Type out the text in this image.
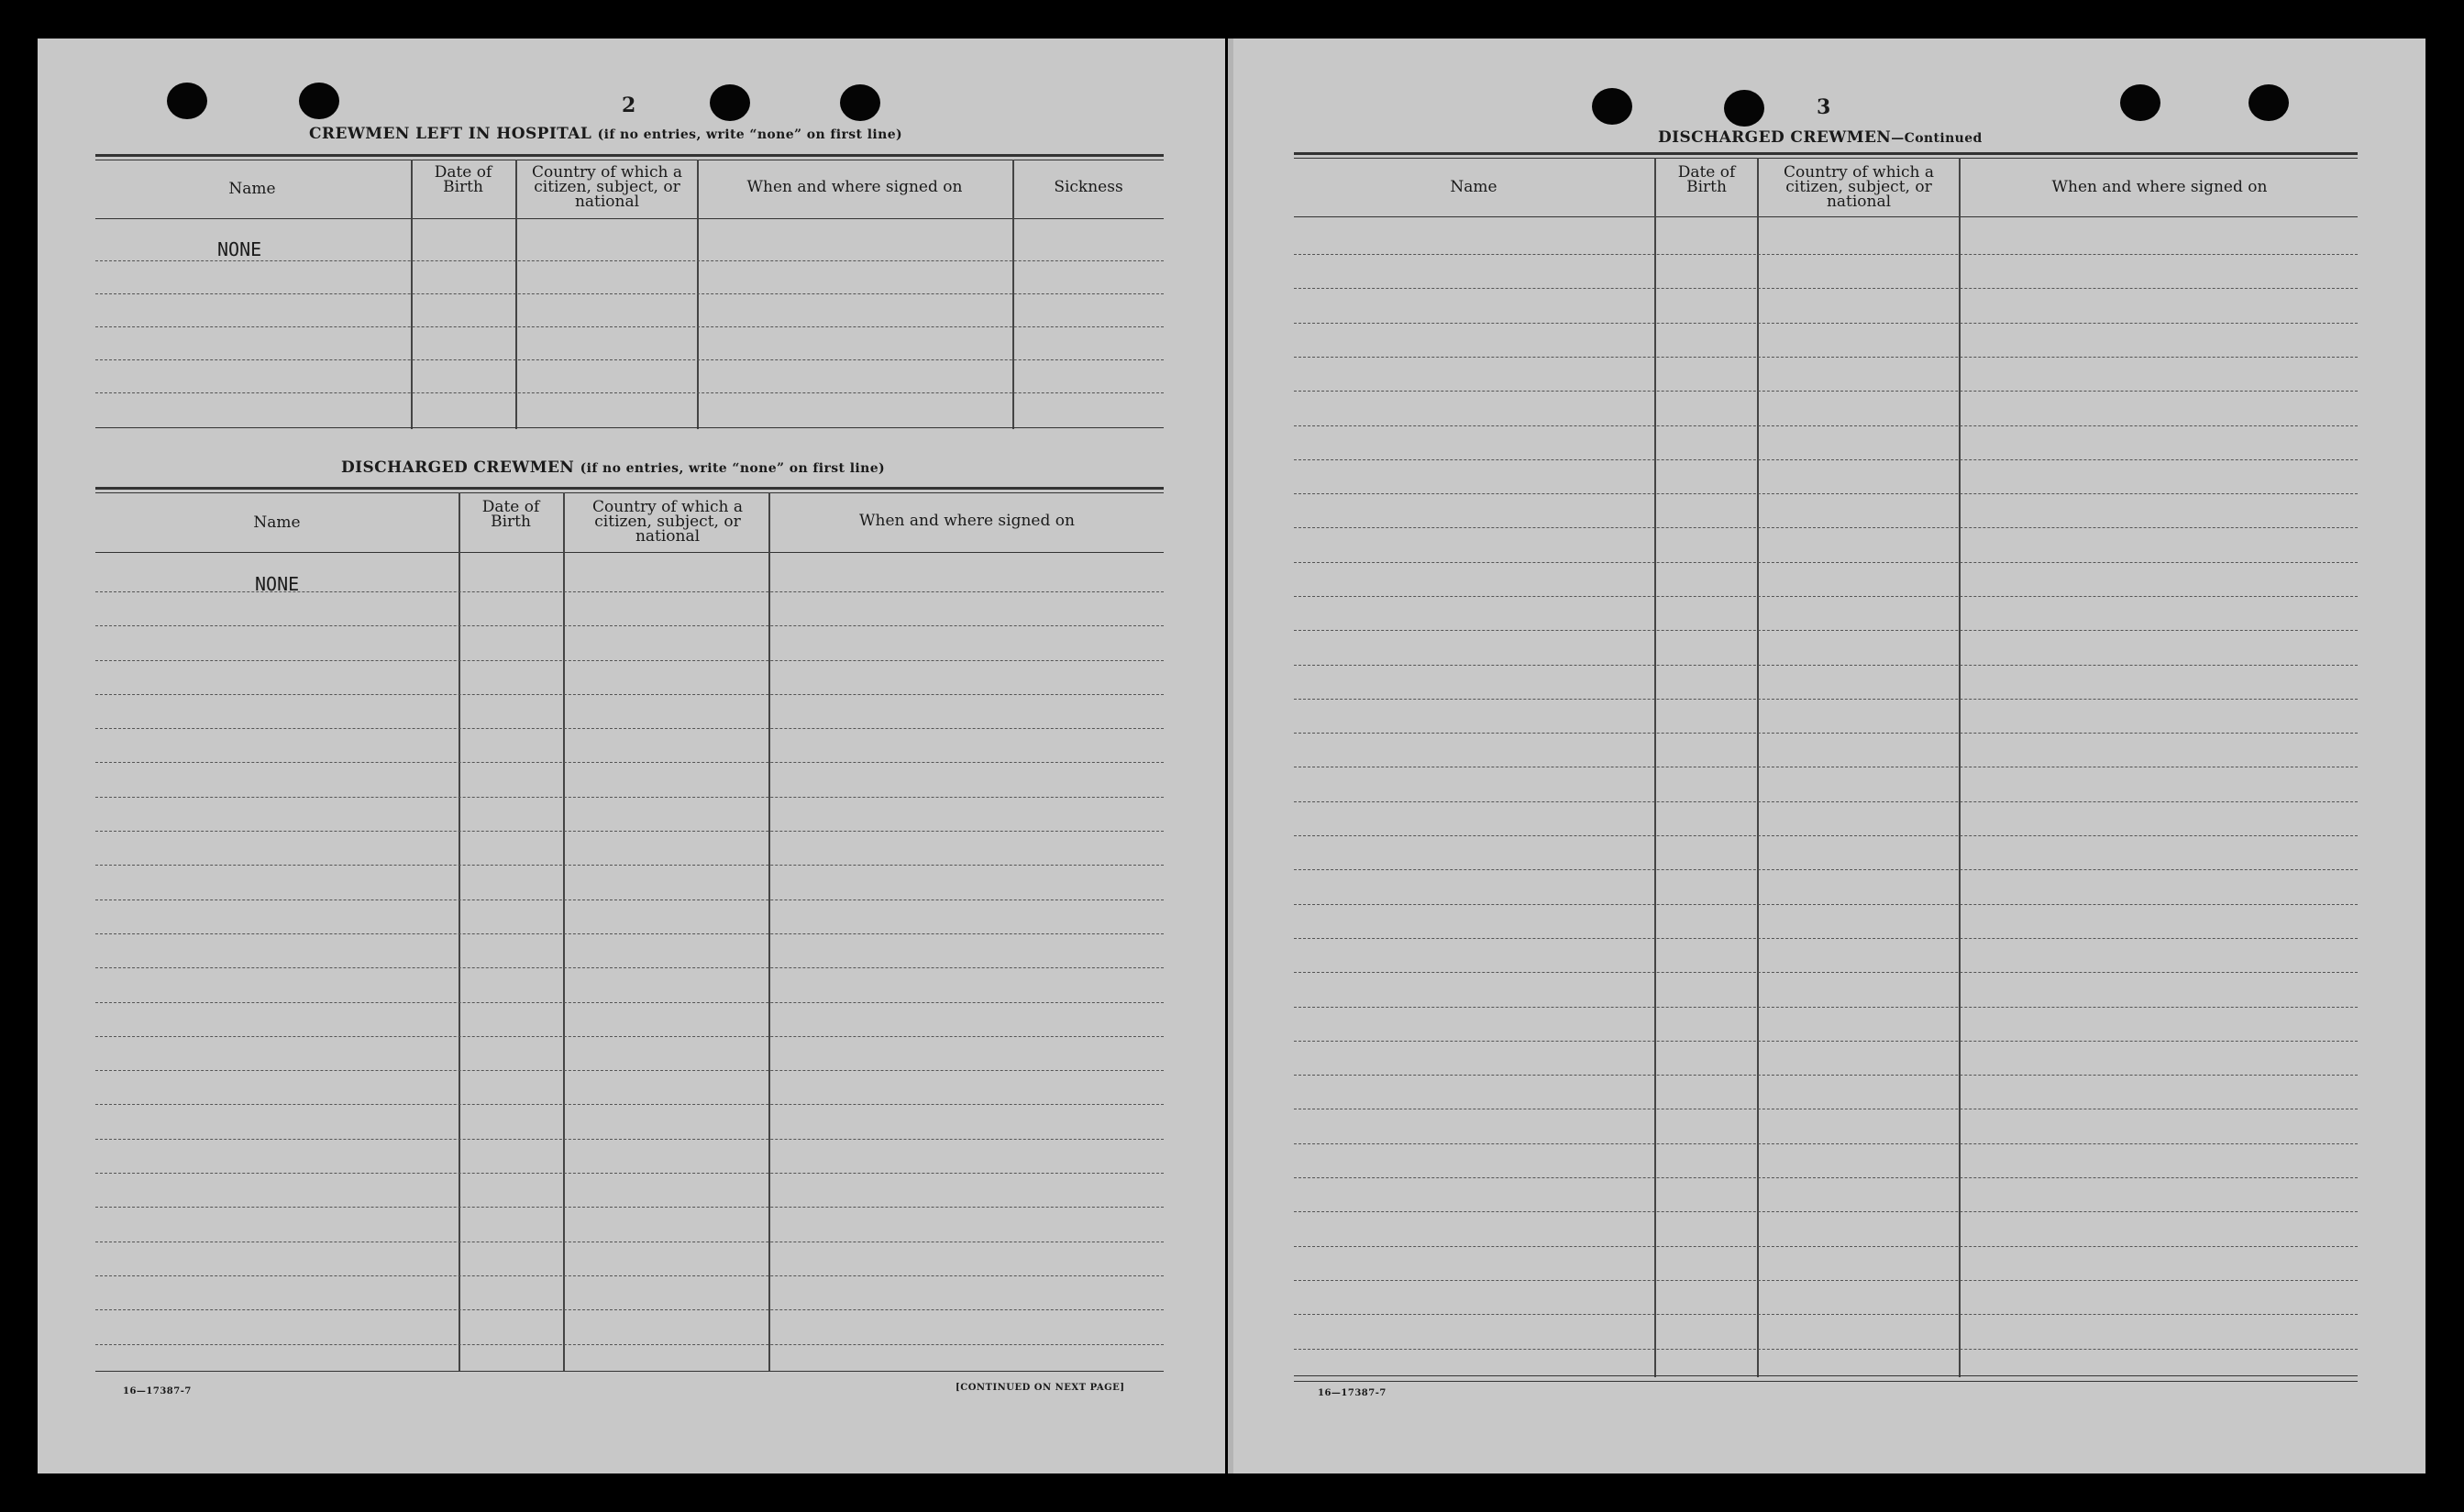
2
CREWMEN LEFT IN HOSPITAL (if no entries, write “none” on first line)
Name
Date of Birth
Country of which a citizen, subject, or national
When and where signed on	Sickness
NONE
DISCHARGED CREWMEN (if no entries, write “none” on first line)
Name
Date of Birth
Country of which a citizen, subject, or national
When and where signed on
NONE
16—17387-7	[CONTINUED ON NEXT PAGE]
3
DISCHARGED CREWMEN—Continued
Name
Date of Birth
Country of which a citizen, subject, or national
When and where signed on
16—17387-7
